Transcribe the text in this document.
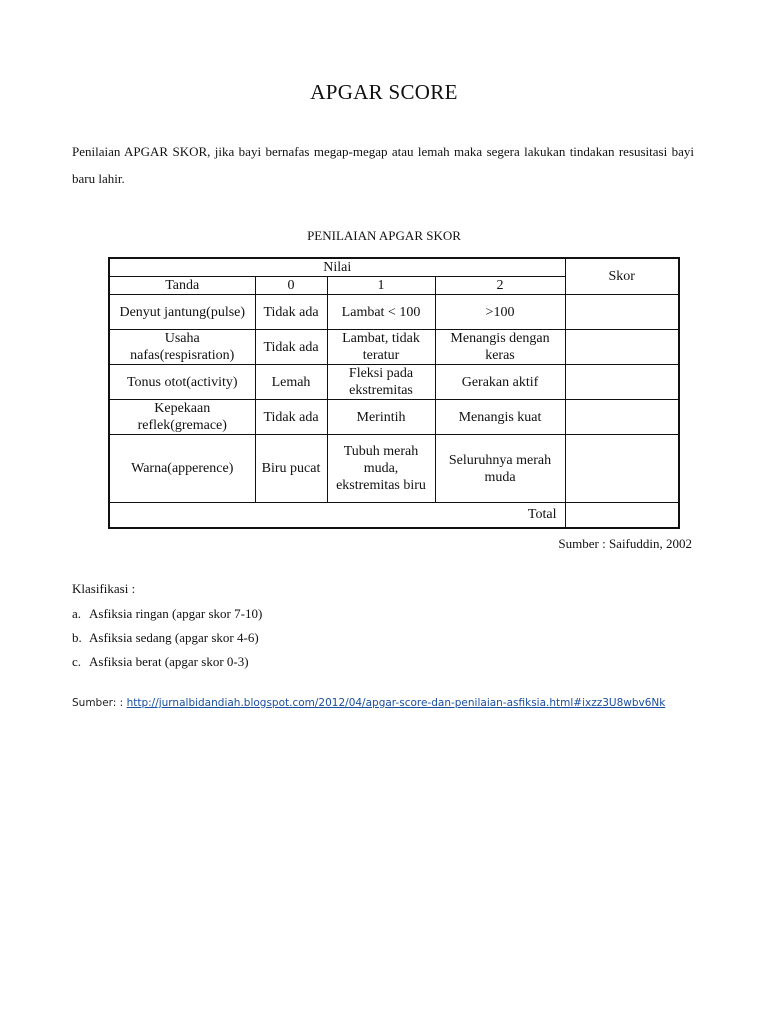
APGAR SCORE

Penilaian APGAR SKOR, jika bayi bernafas megap-megap atau lemah maka segera lakukan tindakan resusitasi bayi baru lahir.

PENILAIAN APGAR SKOR
Nilai				Skor
Tanda	0	1	2	
Denyut jantung(pulse)	Tidak ada	Lambat < 100	>100	
Usaha nafas(respisration)	Tidak ada	Lambat, tidak teratur	Menangis dengan keras	
Tonus otot(activity)	Lemah	Fleksi pada ekstremitas	Gerakan aktif	
Kepekaan reflek(gremace)	Tidak ada	Merintih	Menangis kuat	
Warna(apperence)	Biru pucat	Tubuh merah muda, ekstremitas biru	Seluruhnya merah muda	
Total				
Sumber : Saifuddin, 2002
Klasifikasi :
a. Asfiksia ringan (apgar skor 7-10)
b. Asfiksia sedang (apgar skor 4-6)
c. Asfiksia berat (apgar skor 0-3)
Sumber: : http://jurnalbidandiah.blogspot.com/2012/04/apgar-score-dan-penilaian-asfiksia.html#ixzz3U8wbv6Nk
